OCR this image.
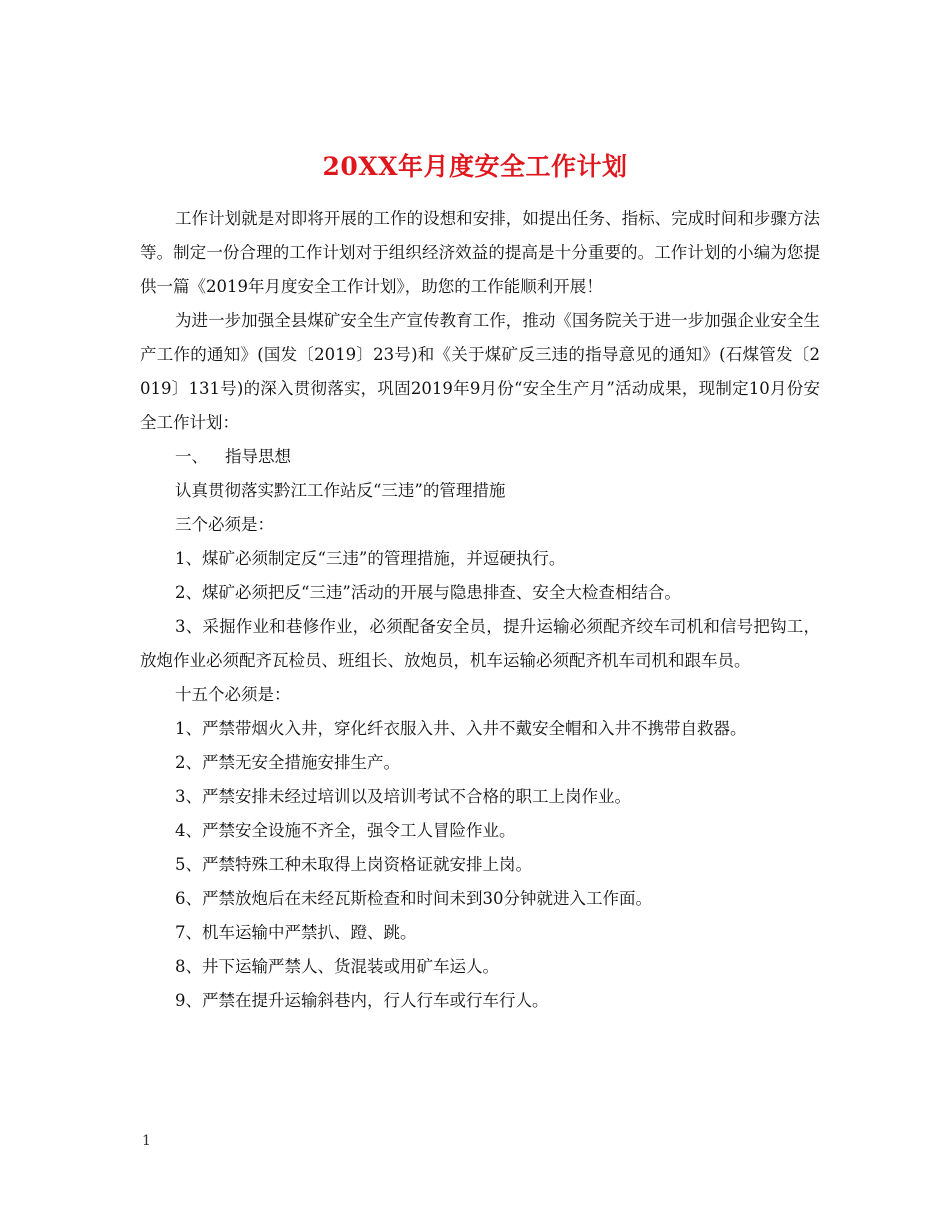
20XX年月度安全工作计划

工作计划就是对即将开展的工作的设想和安排，如提出任务、指标、完成时间和步骤方法等。制定一份合理的工作计划对于组织经济效益的提高是十分重要的。工作计划的小编为您提供一篇《2019年月度安全工作计划》，助您的工作能顺利开展！

为进一步加强全县煤矿安全生产宣传教育工作，推动《国务院关于进一步加强企业安全生产工作的通知》(国发〔2019〕23号)和《关于煤矿反三违的指导意见的通知》(石煤管发〔2019〕131号)的深入贯彻落实，巩固2019年9月份“安全生产月”活动成果，现制定10月份安全工作计划：

一、 指导思想

认真贯彻落实黔江工作站反“三违”的管理措施

三个必须是：

1、煤矿必须制定反“三违”的管理措施，并逗硬执行。

2、煤矿必须把反“三违”活动的开展与隐患排查、安全大检查相结合。

3、采掘作业和巷修作业，必须配备安全员，提升运输必须配齐绞车司机和信号把钩工，放炮作业必须配齐瓦检员、班组长、放炮员，机车运输必须配齐机车司机和跟车员。

十五个必须是：

1、严禁带烟火入井，穿化纤衣服入井、入井不戴安全帽和入井不携带自救器。

2、严禁无安全措施安排生产。

3、严禁安排未经过培训以及培训考试不合格的职工上岗作业。

4、严禁安全设施不齐全，强令工人冒险作业。

5、严禁特殊工种未取得上岗资格证就安排上岗。

6、严禁放炮后在未经瓦斯检查和时间未到30分钟就进入工作面。

7、机车运输中严禁扒、蹬、跳。

8、井下运输严禁人、货混装或用矿车运人。

9、严禁在提升运输斜巷内，行人行车或行车行人。

1
